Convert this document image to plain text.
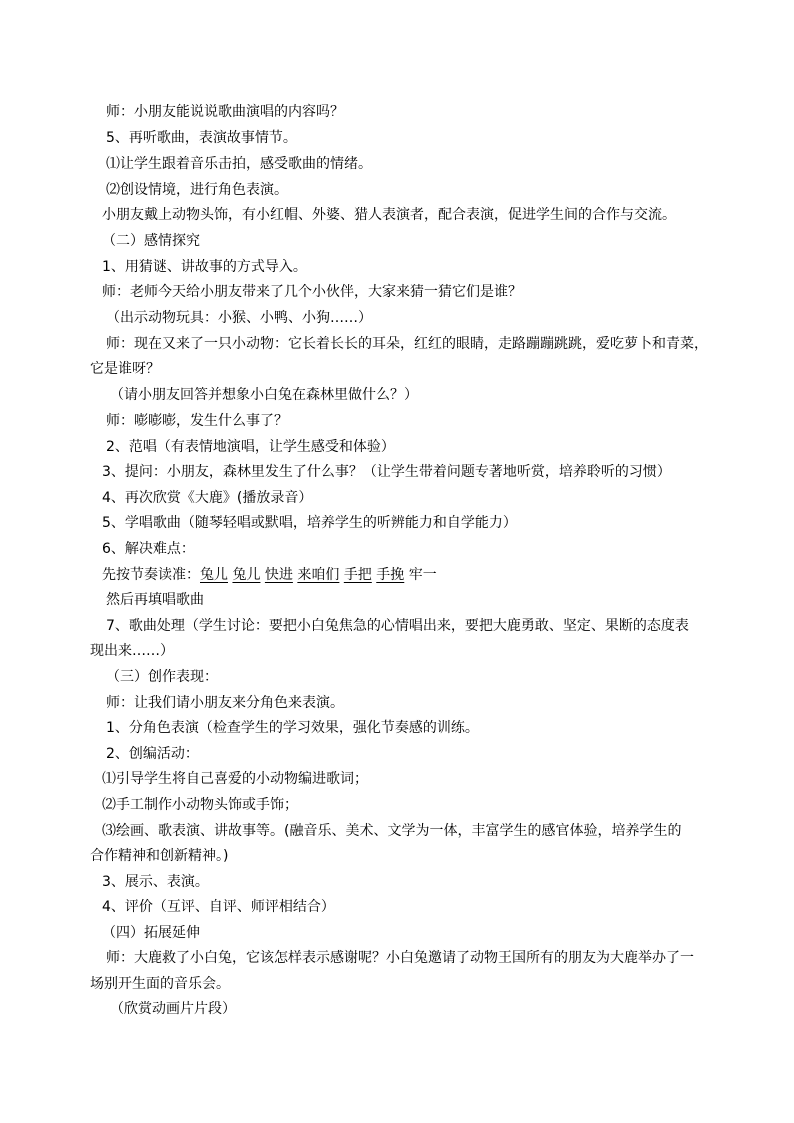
师：小朋友能说说歌曲演唱的内容吗？
5、再听歌曲，表演故事情节。
⑴让学生跟着音乐击拍，感受歌曲的情绪。
⑵创设情境，进行角色表演。
小朋友戴上动物头饰，有小红帽、外婆、猎人表演者，配合表演，促进学生间的合作与交流。
（二）感情探究
1、用猜谜、讲故事的方式导入。
师：老师今天给小朋友带来了几个小伙伴，大家来猜一猜它们是谁？
（出示动物玩具：小猴、小鸭、小狗……）
师：现在又来了一只小动物：它长着长长的耳朵，红红的眼睛，走路蹦蹦跳跳，爱吃萝卜和青菜，
它是谁呀？
（请小朋友回答并想象小白兔在森林里做什么？）
师：嘭嘭嘭，发生什么事了？
2、范唱（有表情地演唱，让学生感受和体验）
3、提问：小朋友，森林里发生了什么事？（让学生带着问题专著地听赏，培养聆听的习惯）
4、再次欣赏《大鹿》(播放录音）
5、学唱歌曲（随琴轻唱或默唱，培养学生的听辨能力和自学能力）
6、解决难点：
先按节奏读准：兔儿 兔儿 快进 来咱们 手把 手挽 牢一
然后再填唱歌曲
7、歌曲处理（学生讨论：要把小白兔焦急的心情唱出来，要把大鹿勇敢、坚定、果断的态度表
现出来……）
（三）创作表现：
师：让我们请小朋友来分角色来表演。
1、分角色表演（检查学生的学习效果，强化节奏感的训练。
2、创编活动：
⑴引导学生将自己喜爱的小动物编进歌词；
⑵手工制作小动物头饰或手饰；
⑶绘画、歌表演、讲故事等。(融音乐、美术、文学为一体，丰富学生的感官体验，培养学生的
合作精神和创新精神。)
3、展示、表演。
4、评价（互评、自评、师评相结合）
（四）拓展延伸
师：大鹿救了小白兔，它该怎样表示感谢呢？小白兔邀请了动物王国所有的朋友为大鹿举办了一
场别开生面的音乐会。
（欣赏动画片片段）
